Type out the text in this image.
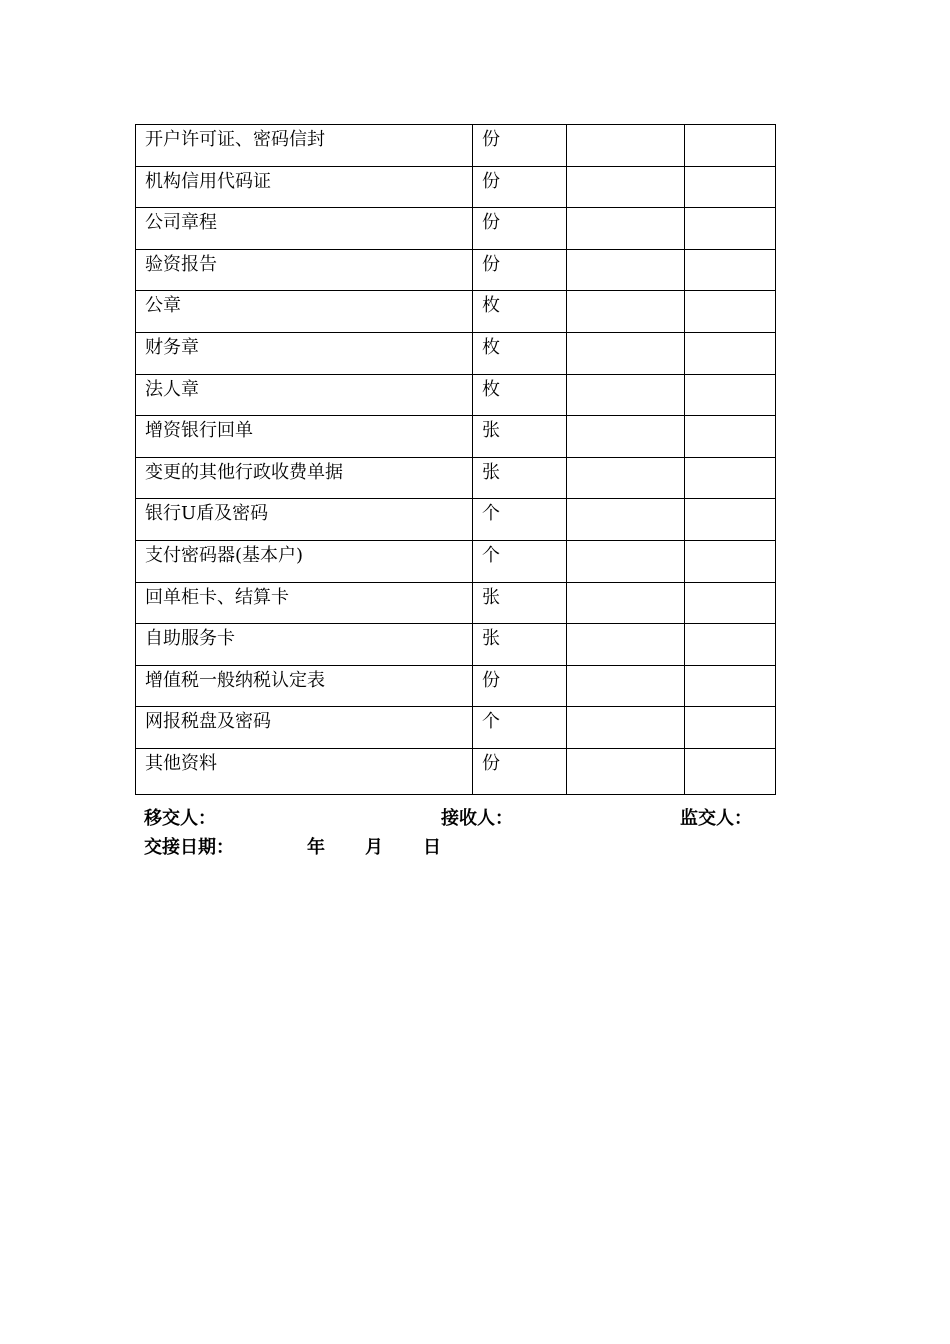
开户许可证、密码信封	份		
机构信用代码证	份		
公司章程	份		
验资报告	份		
公章	枚		
财务章	枚		
法人章	枚		
增资银行回单	张		
变更的其他行政收费单据	张		
银行U盾及密码	个		
支付密码器(基本户)	个		
回单柜卡、结算卡	张		
自助服务卡	张		
增值税一般纳税认定表	份		
网报税盘及密码	个		
其他资料	份		
移交人：	接收人：	监交人：
交接日期：	年 月 日
